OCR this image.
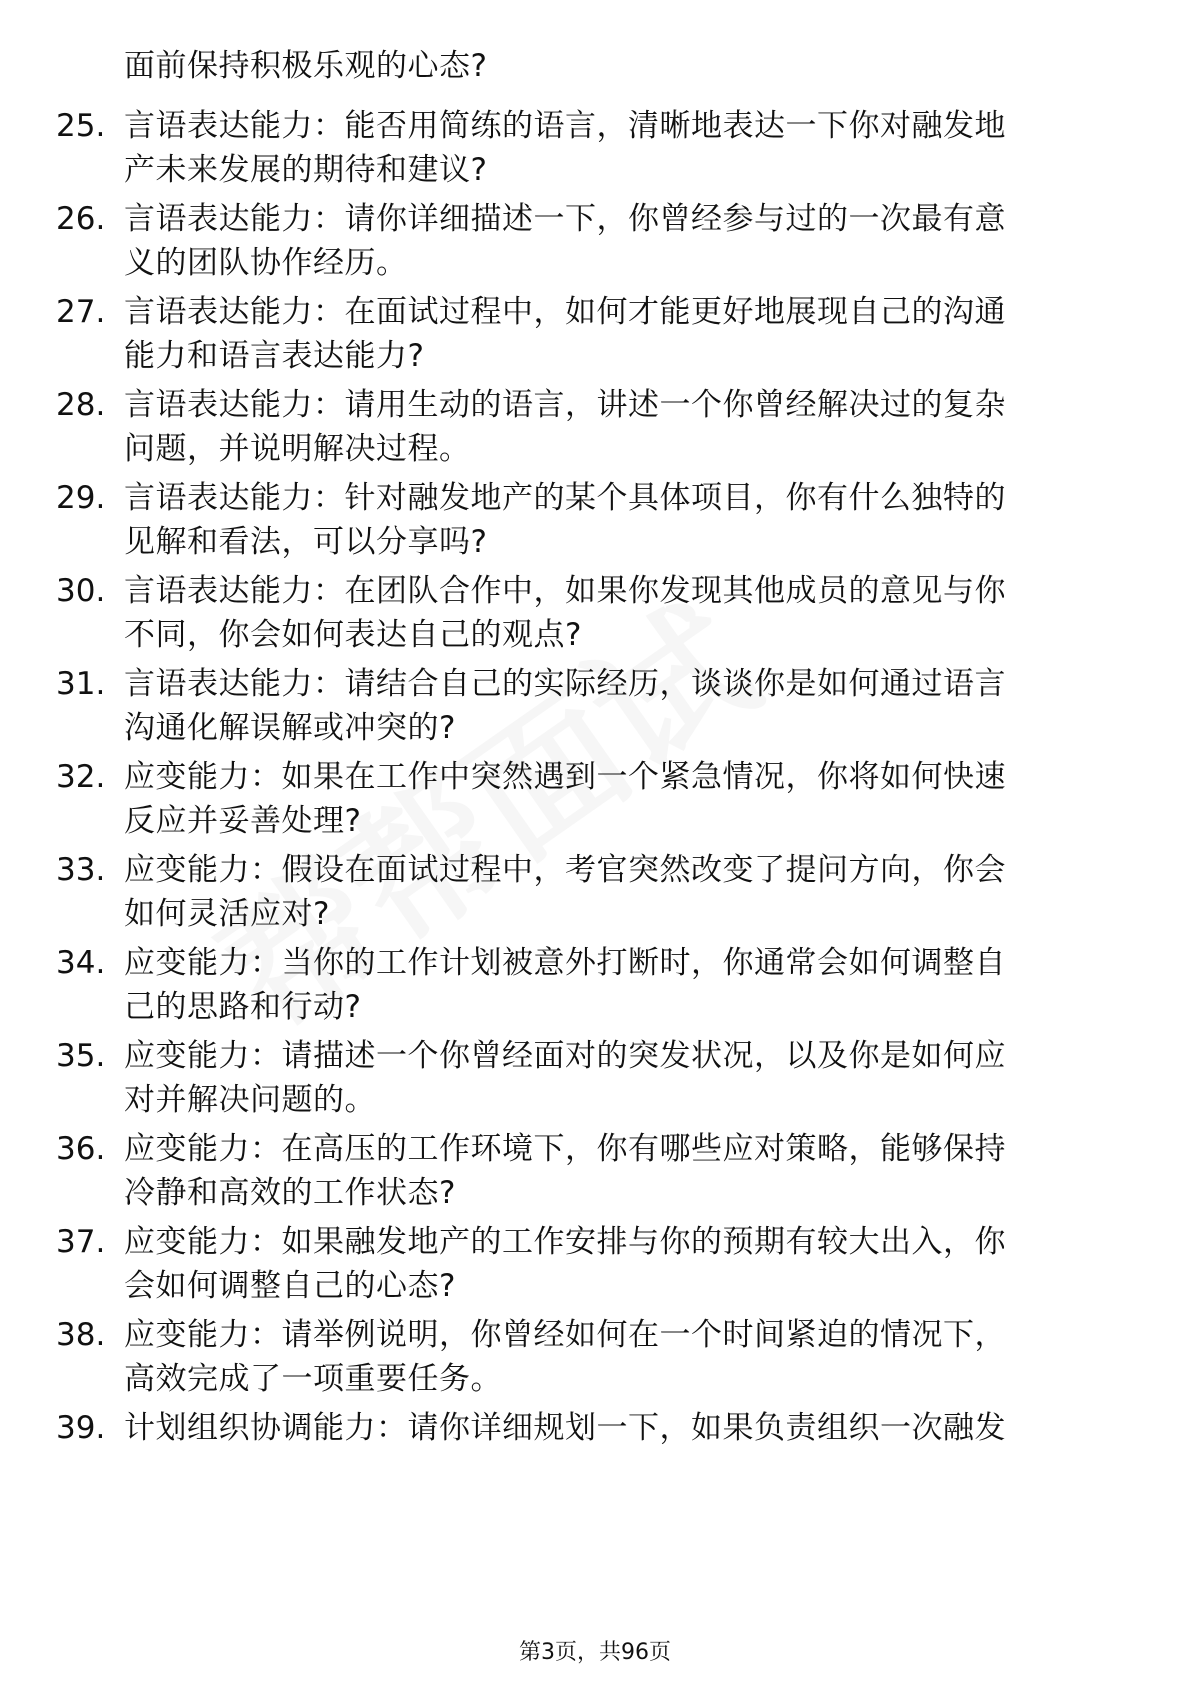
面前保持积极乐观的心态?
25. 言语表达能力：能否用简练的语言，清晰地表达一下你对融发地
产未来发展的期待和建议?
26. 言语表达能力：请你详细描述一下，你曾经参与过的一次最有意
义的团队协作经历。
27. 言语表达能力：在面试过程中，如何才能更好地展现自己的沟通
能力和语言表达能力?
28. 言语表达能力：请用生动的语言，讲述一个你曾经解决过的复杂
问题，并说明解决过程。
29. 言语表达能力：针对融发地产的某个具体项目，你有什么独特的
见解和看法，可以分享吗?
30. 言语表达能力：在团队合作中，如果你发现其他成员的意见与你
不同，你会如何表达自己的观点?
31. 言语表达能力：请结合自己的实际经历，谈谈你是如何通过语言
沟通化解误解或冲突的?
32. 应变能力：如果在工作中突然遇到一个紧急情况，你将如何快速
反应并妥善处理?
33. 应变能力：假设在面试过程中，考官突然改变了提问方向，你会
如何灵活应对?
34. 应变能力：当你的工作计划被意外打断时，你通常会如何调整自
己的思路和行动?
35. 应变能力：请描述一个你曾经面对的突发状况，以及你是如何应
对并解决问题的。
36. 应变能力：在高压的工作环境下，你有哪些应对策略，能够保持
冷静和高效的工作状态?
37. 应变能力：如果融发地产的工作安排与你的预期有较大出入，你
会如何调整自己的心态?
38. 应变能力：请举例说明，你曾经如何在一个时间紧迫的情况下，
高效完成了一项重要任务。
39. 计划组织协调能力：请你详细规划一下，如果负责组织一次融发
第3页，共96页
